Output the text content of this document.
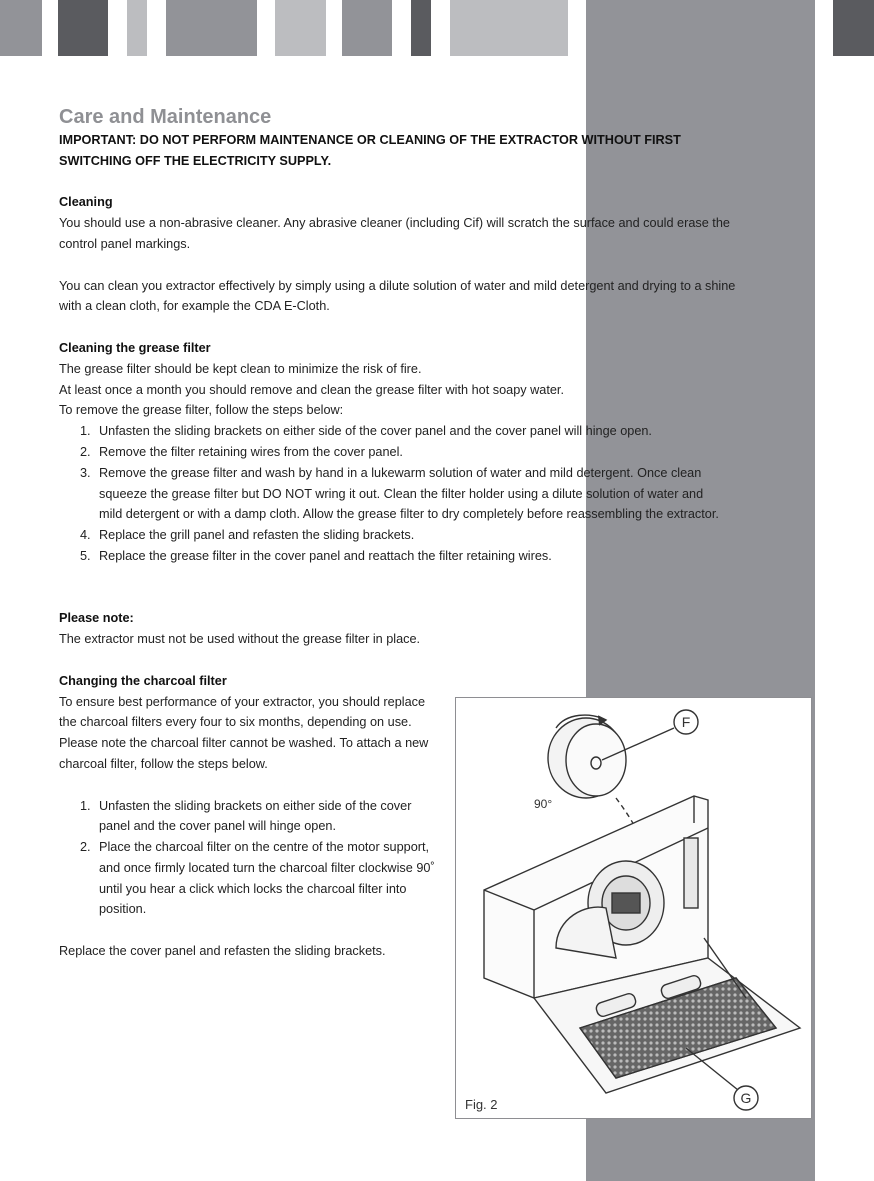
Care and Maintenance

IMPORTANT: DO NOT PERFORM MAINTENANCE OR CLEANING OF THE EXTRACTOR WITHOUT FIRST SWITCHING OFF THE ELECTRICITY SUPPLY.

Cleaning

You should use a non-abrasive cleaner. Any abrasive cleaner (including Cif) will scratch the surface and could erase the control panel markings.

You can clean you extractor effectively by simply using a dilute solution of water and mild detergent and drying to a shine with a clean cloth, for example the CDA E-Cloth.

Cleaning the grease filter

The grease filter should be kept clean to minimize the risk of fire.

At least once a month you should remove and clean the grease filter with hot soapy water.

To remove the grease filter, follow the steps below:

1. Unfasten the sliding brackets on either side of the cover panel and the cover panel will hinge open.
2. Remove the filter retaining wires from the cover panel.
3. Remove the grease filter and wash by hand in a lukewarm solution of water and mild detergent. Once clean squeeze the grease filter but DO NOT wring it out. Clean the filter holder using a dilute solution of water and mild detergent or with a damp cloth. Allow the grease filter to dry completely before reassembling the extractor.
4. Replace the grill panel and refasten the sliding brackets.
5. Replace the grease filter in the cover panel and reattach the filter retaining wires.

Please note:

The extractor must not be used without the grease filter in place.

Changing the charcoal filter

To ensure best performance of your extractor, you should replace the charcoal filters every four to six months, depending on use. Please note the charcoal filter cannot be washed. To attach a new charcoal filter, follow the steps below.

1. Unfasten the sliding brackets on either side of the cover panel and the cover panel will hinge open.
2. Place the charcoal filter on the centre of the motor support, and once firmly located turn the charcoal filter clockwise 90˚ until you hear a click which locks the charcoal filter into position.

Replace the cover panel and refasten the sliding brackets.

F
G
90°
Fig. 2
